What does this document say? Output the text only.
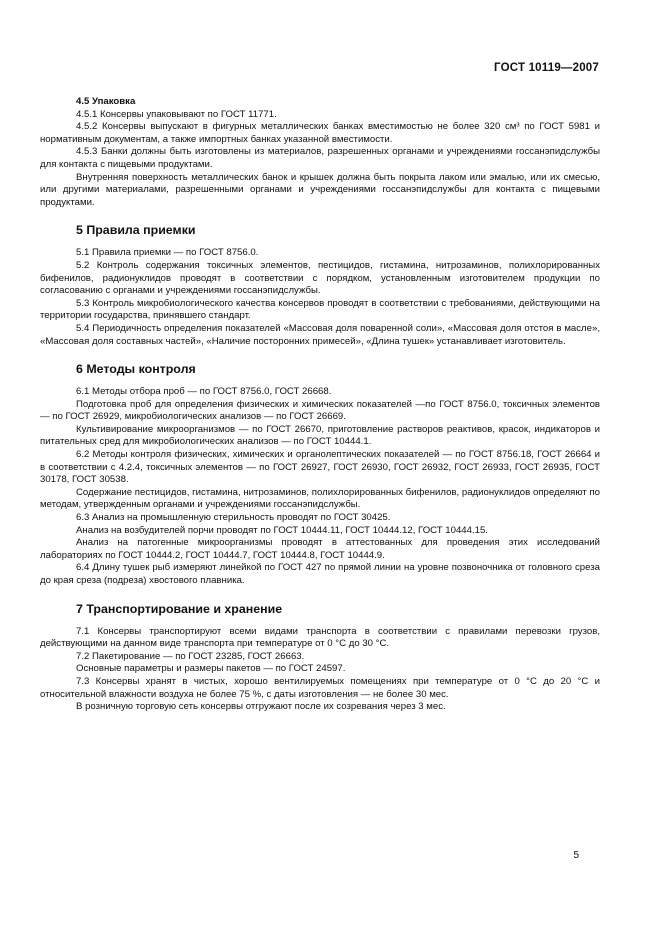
ГОСТ 10119—2007

4.5 Упаковка

4.5.1 Консервы упаковывают по ГОСТ 11771.

4.5.2 Консервы выпускают в фигурных металлических банках вместимостью не более 320 см³ по ГОСТ 5981 и нормативным документам, а также импортных банках указанной вместимости.

4.5.3 Банки должны быть изготовлены из материалов, разрешенных органами и учреждениями госсанэпидслужбы для контакта с пищевыми продуктами.

Внутренняя поверхность металлических банок и крышек должна быть покрыта лаком или эмалью, или их смесью, или другими материалами, разрешенными органами и учреждениями госсанэпидслужбы для контакта с пищевыми продуктами.

5 Правила приемки

5.1 Правила приемки — по ГОСТ 8756.0.

5.2 Контроль содержания токсичных элементов, пестицидов, гистамина, нитрозаминов, полихлорированных бифенилов, радионуклидов проводят в соответствии с порядком, установленным изготовителем продукции по согласованию с органами и учреждениями госсанэпидслужбы.

5.3 Контроль микробиологического качества консервов проводят в соответствии с требованиями, действующими на территории государства, принявшего стандарт.

5.4 Периодичность определения показателей «Массовая доля поваренной соли», «Массовая доля отстоя в масле», «Массовая доля составных частей», «Наличие посторонних примесей», «Длина тушек» устанавливает изготовитель.

6 Методы контроля

6.1 Методы отбора проб — по ГОСТ 8756.0, ГОСТ 26668.

Подготовка проб для определения физических и химических показателей —по ГОСТ 8756.0, токсичных элементов — по ГОСТ 26929, микробиологических анализов — по ГОСТ 26669.

Культивирование микроорганизмов — по ГОСТ 26670, приготовление растворов реактивов, красок, индикаторов и питательных сред для микробиологических анализов — по ГОСТ 10444.1.

6.2 Методы контроля физических, химических и органолептических показателей — по ГОСТ 8756.18, ГОСТ 26664 и в соответствии с 4.2.4, токсичных элементов — по ГОСТ 26927, ГОСТ 26930, ГОСТ 26932, ГОСТ 26933, ГОСТ 26935, ГОСТ 30178, ГОСТ 30538.

Содержание пестицидов, гистамина, нитрозаминов, полихлорированных бифенилов, радионуклидов определяют по методам, утвержденным органами и учреждениями госсанэпидслужбы.

6.3 Анализ на промышленную стерильность проводят по ГОСТ 30425.

Анализ на возбудителей порчи проводят по ГОСТ 10444.11, ГОСТ 10444.12, ГОСТ 10444.15.

Анализ на патогенные микроорганизмы проводят в аттестованных для проведения этих исследований лабораториях по ГОСТ 10444.2, ГОСТ 10444.7, ГОСТ 10444.8, ГОСТ 10444.9.

6.4 Длину тушек рыб измеряют линейкой по ГОСТ 427 по прямой линии на уровне позвоночника от головного среза до края среза (подреза) хвостового плавника.

7 Транспортирование и хранение

7.1 Консервы транспортируют всеми видами транспорта в соответствии с правилами перевозки грузов, действующими на данном виде транспорта при температуре от 0 °С до 30 °С.

7.2 Пакетирование — по ГОСТ 23285, ГОСТ 26663.

Основные параметры и размеры пакетов — по ГОСТ 24597.

7.3 Консервы хранят в чистых, хорошо вентилируемых помещениях при температуре от 0 °С до 20 °С и относительной влажности воздуха не более 75 %, с даты изготовления — не более 30 мес.

В розничную торговую сеть консервы отгружают после их созревания через 3 мес.

5
